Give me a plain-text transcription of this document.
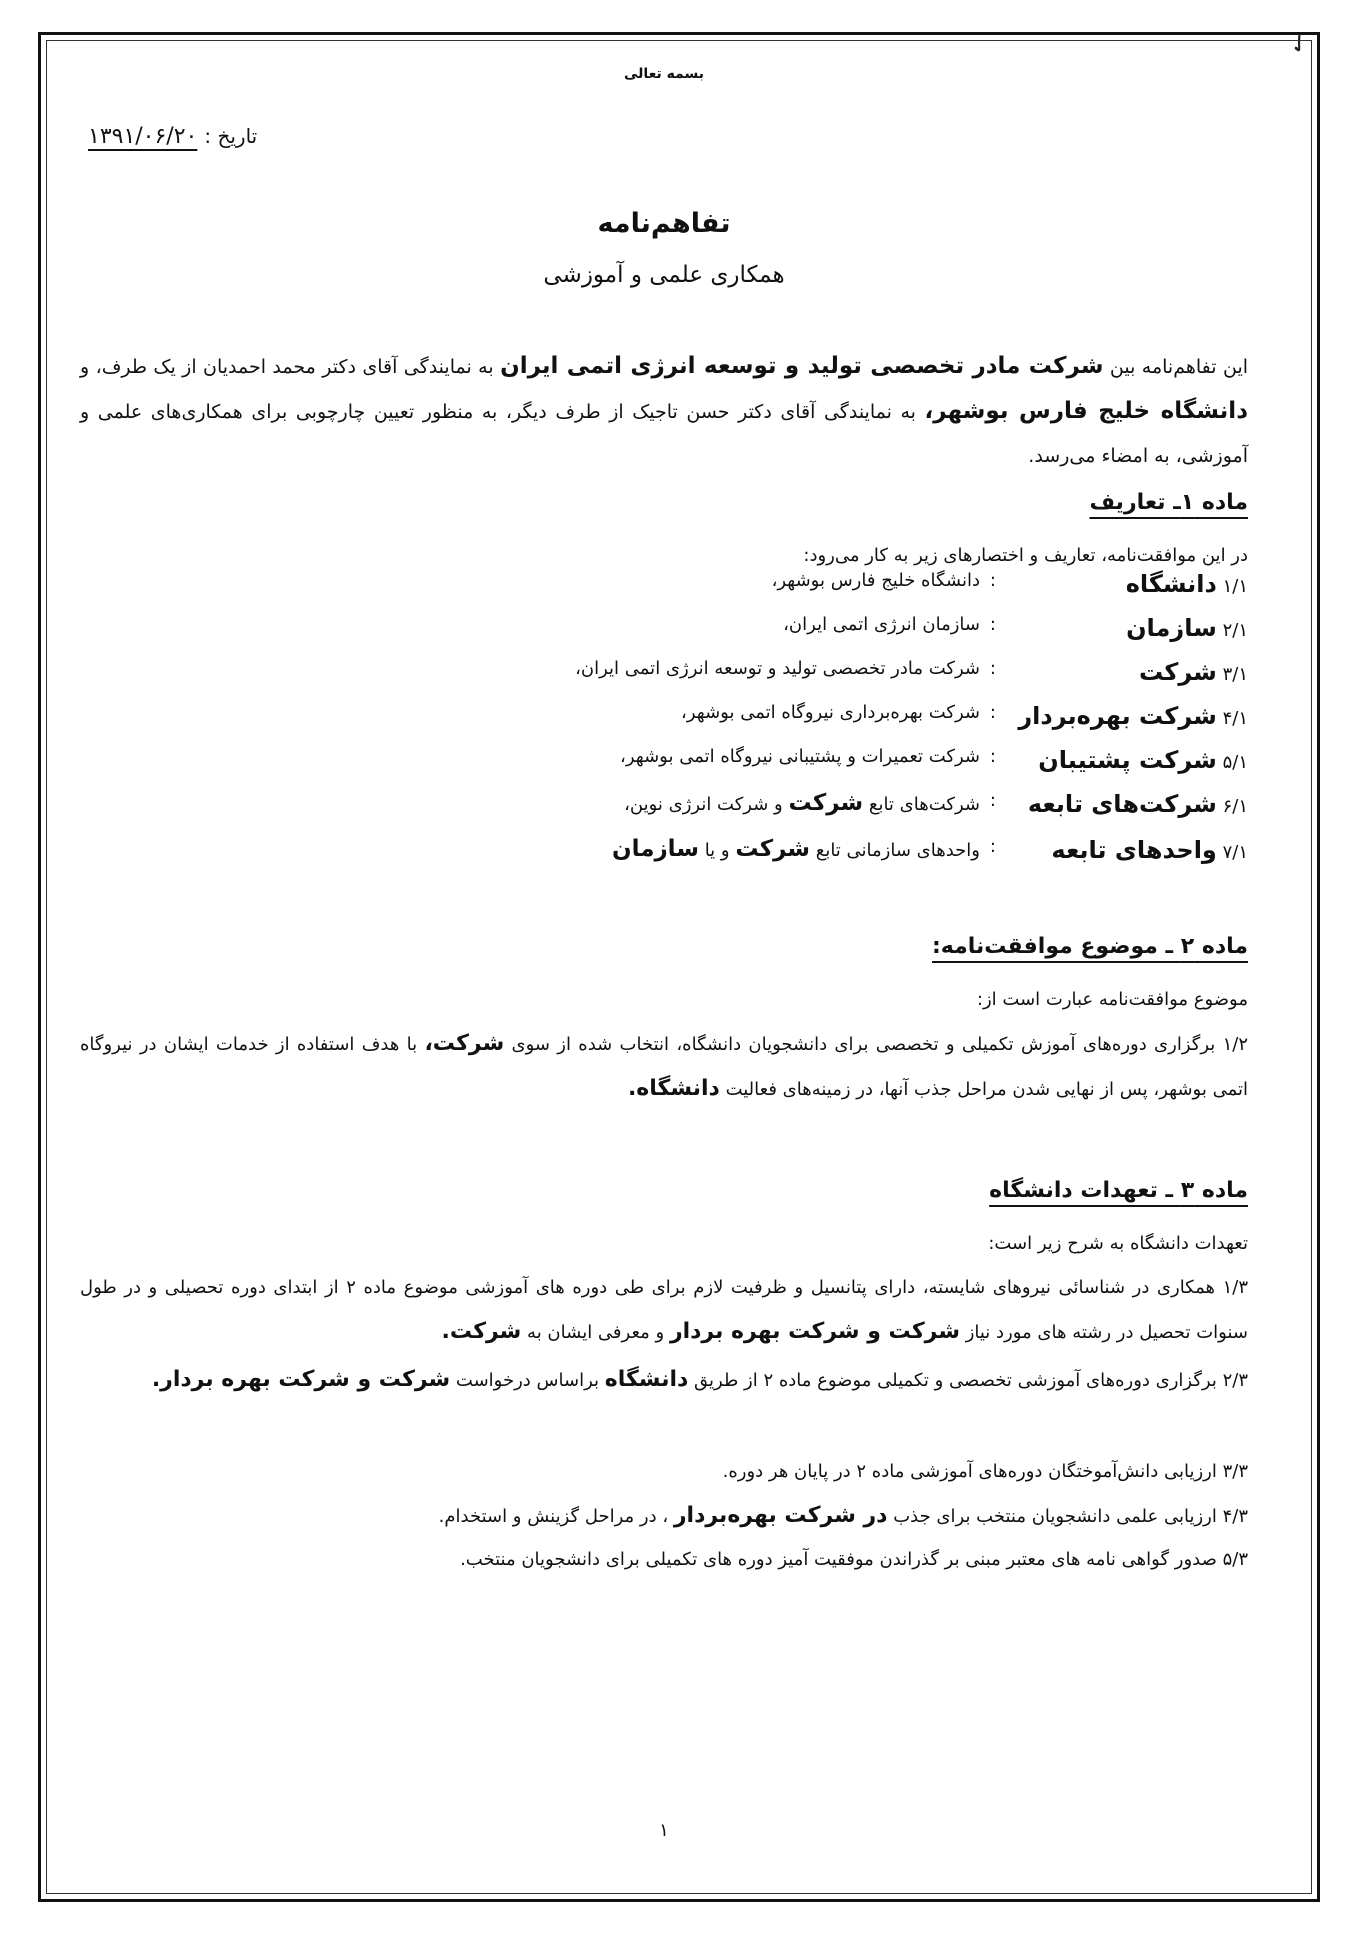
✓
بسمه تعالی
تاریخ : ۱۳۹۱/۰۶/۲۰
تفاهم‌نامه
همکاری علمی و آموزشی
این تفاهم‌نامه بین شرکت مادر تخصصی تولید و توسعه انرژی اتمی ایران به نمایندگی آقای دکتر محمد احمدیان از یک طرف، و دانشگاه خلیج فارس بوشهر، به نمایندگی آقای دکتر حسن تاجیک از طرف دیگر، به منظور تعیین چارچوبی برای همکاری‌های علمی و آموزشی، به امضاء می‌رسد.
ماده ۱ـ تعاریف
در این موافقت‌نامه، تعاریف و اختصارهای زیر به کار می‌رود:
۱/۱ دانشگاه
:
دانشگاه خلیج فارس بوشهر،
۲/۱ سازمان
:
سازمان انرژی اتمی ایران،
۳/۱ شرکت
:
شرکت مادر تخصصی تولید و توسعه انرژی اتمی ایران،
۴/۱ شرکت بهره‌بردار
:
شرکت بهره‌برداری نیروگاه اتمی بوشهر،
۵/۱ شرکت پشتیبان
:
شرکت تعمیرات و پشتیبانی نیروگاه اتمی بوشهر،
۶/۱ شرکت‌های تابعه
:
شرکت‌های تابع شرکت و شرکت انرژی نوین،
۷/۱ واحدهای تابعه
:
واحدهای سازمانی تابع شرکت و یا سازمان
ماده ۲ ـ موضوع موافقت‌نامه:
موضوع موافقت‌نامه عبارت است از:
۱/۲ برگزاری دوره‌های آموزش تکمیلی و تخصصی برای دانشجویان دانشگاه، انتخاب شده از سوی شرکت، با هدف استفاده از خدمات ایشان در نیروگاه اتمی بوشهر، پس از نهایی شدن مراحل جذب آنها، در زمینه‌های فعالیت دانشگاه.
ماده ۳ ـ تعهدات دانشگاه
تعهدات دانشگاه به شرح زیر است:
۱/۳ همکاری در شناسائی نیروهای شایسته، دارای پتانسیل و ظرفیت لازم برای طی دوره های آموزشی موضوع ماده ۲ از ابتدای دوره تحصیلی و در طول سنوات تحصیل در رشته های مورد نیاز شرکت و شرکت بهره بردار و معرفی ایشان به شرکت.
۲/۳ برگزاری دوره‌های آموزشی تخصصی و تکمیلی موضوع ماده ۲ از طریق دانشگاه براساس درخواست شرکت و شرکت بهره بردار.
۳/۳ ارزیابی دانش‌آموختگان دوره‌های آموزشی ماده ۲ در پایان هر دوره.
۴/۳ ارزیابی علمی دانشجویان منتخب برای جذب در شرکت بهره‌بردار ، در مراحل گزینش و استخدام.
۵/۳ صدور گواهی نامه های معتبر مبنی بر گذراندن موفقیت آمیز دوره های تکمیلی برای دانشجویان منتخب.
۱
